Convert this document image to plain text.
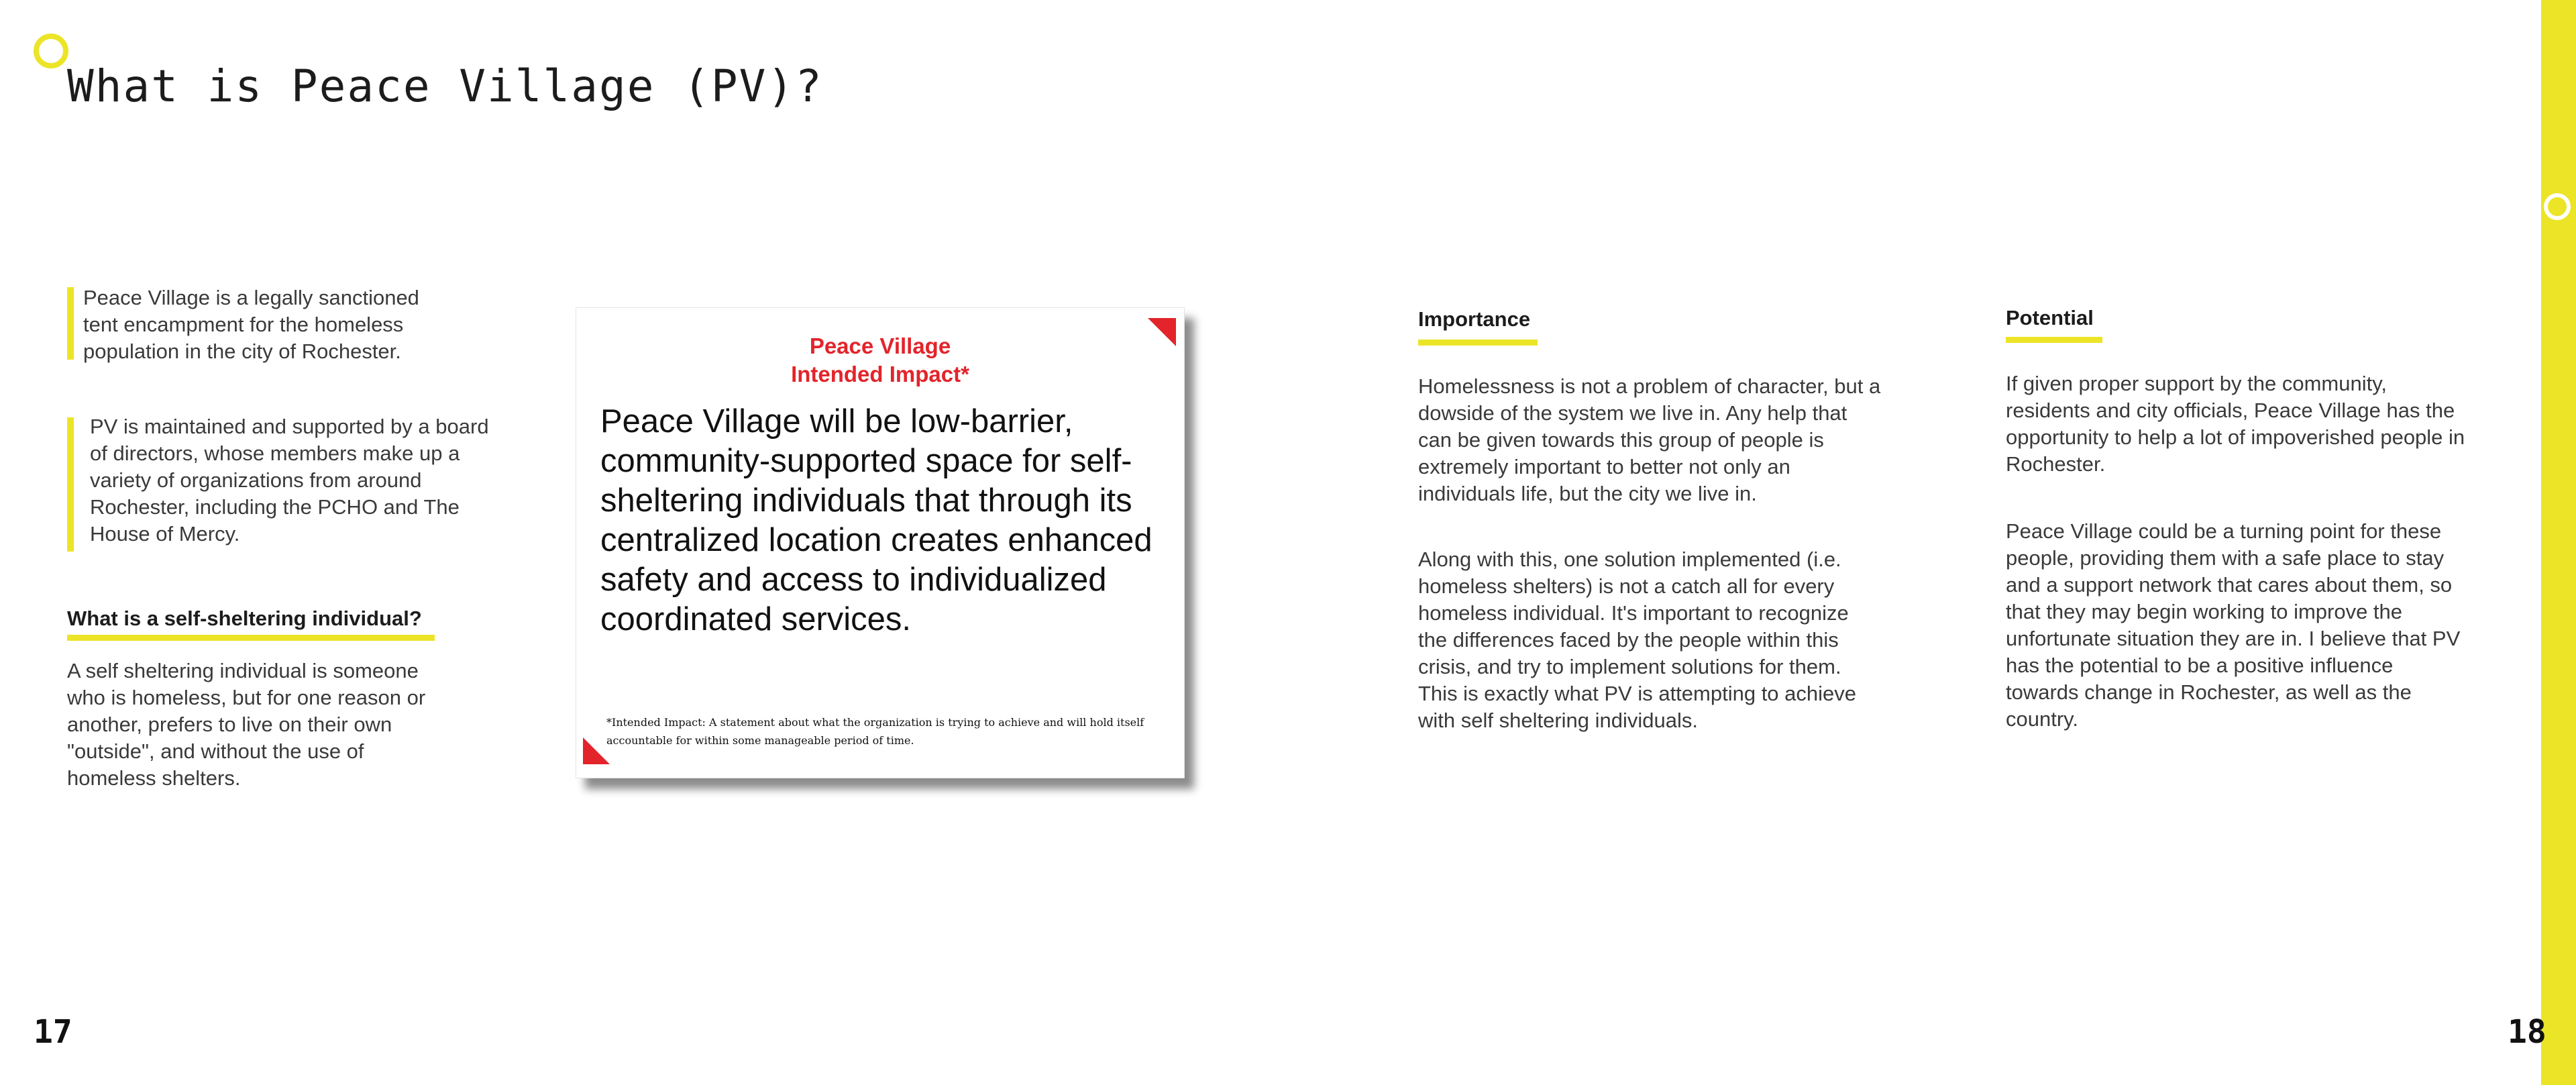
What is Peace Village (PV)?

Peace Village is a legally sanctioned tent encampment for the homeless population in the city of Rochester.

PV is maintained and supported by a board of directors, whose members make up a variety of organizations from around Rochester, including the PCHO and The House of Mercy.

What is a self-sheltering individual?

A self sheltering individual is someone who is homeless, but for one reason or another, prefers to live on their own "outside", and without the use of homeless shelters.

Peace Village
Intended Impact*

Peace Village will be low-barrier, community-supported space for self-sheltering individuals that through its centralized location creates enhanced safety and access to individualized coordinated services.

*Intended Impact: A statement about what the organization is trying to achieve and will hold itself accountable for within some manageable period of time.

Importance

Homelessness is not a problem of character, but a dowside of the system we live in. Any help that can be given towards this group of people is extremely important to better not only an individuals life, but the city we live in.

Along with this, one solution implemented (i.e. homeless shelters) is not a catch all for every homeless individual. It's important to recognize the differences faced by the people within this crisis, and try to implement solutions for them. This is exactly what PV is attempting to achieve with self sheltering individuals.

Potential

If given proper support by the community, residents and city officials, Peace Village has the opportunity to help a lot of impoverished people in Rochester.

Peace Village could be a turning point for these people, providing them with a safe place to stay and a support network that cares about them, so that they may begin working to improve the unfortunate situation they are in. I believe that PV has the potential to be a positive influence towards change in Rochester, as well as the country.

17	18
